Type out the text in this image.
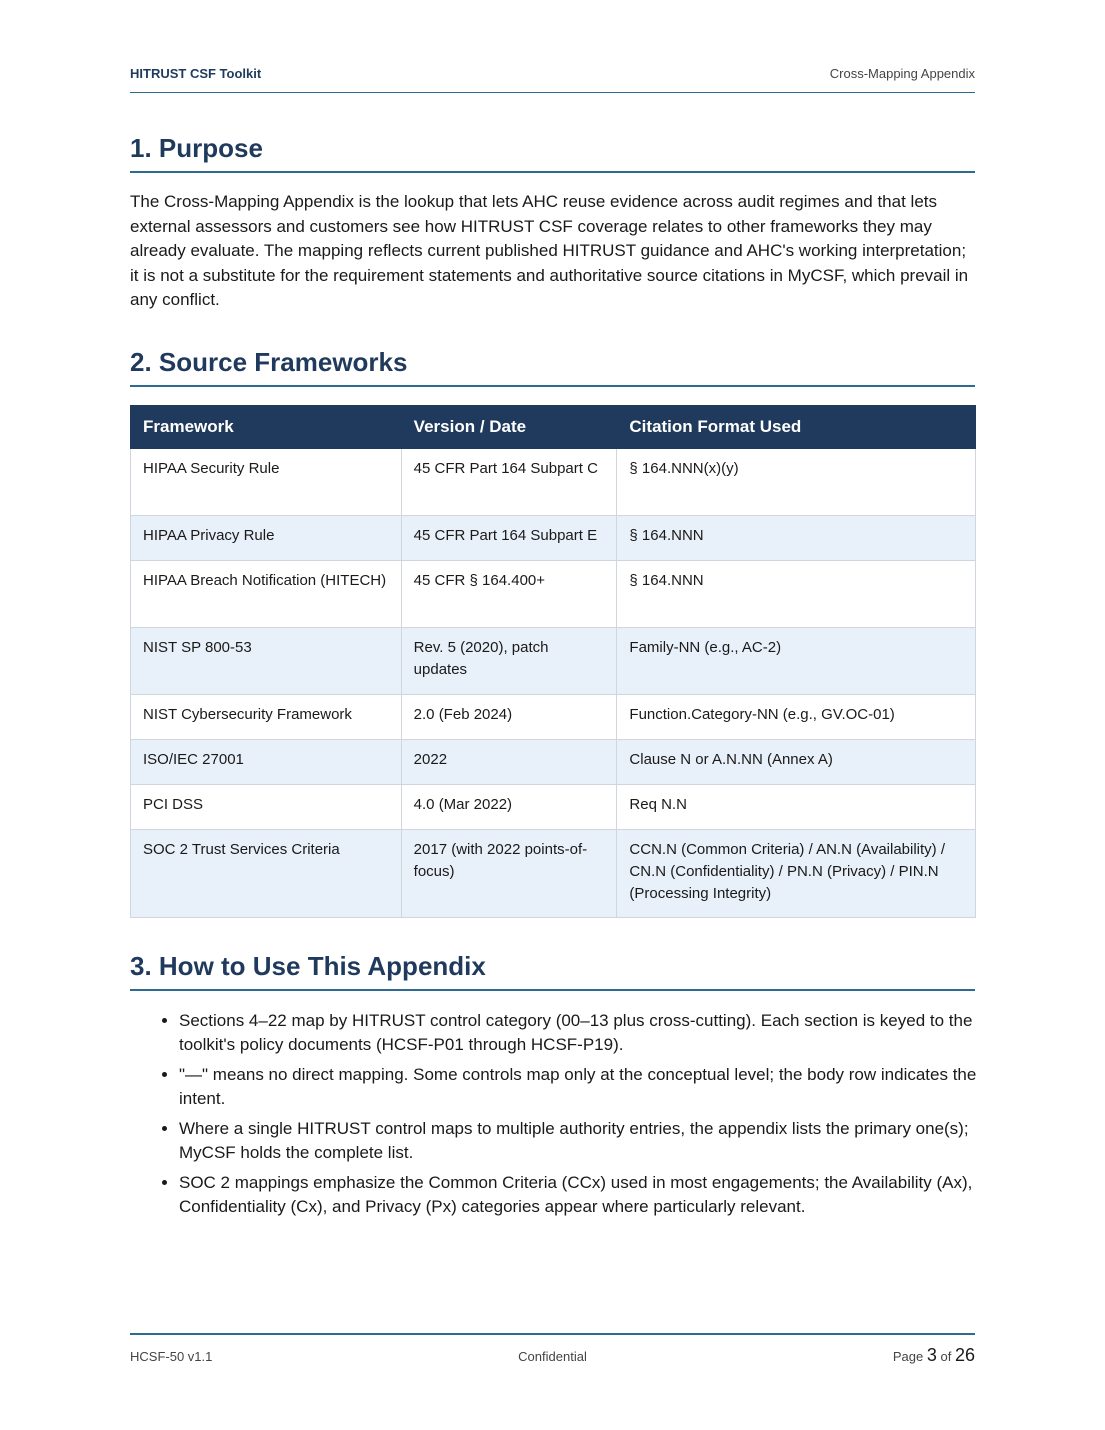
HITRUST CSF Toolkit	Cross-Mapping Appendix
1. Purpose

The Cross-Mapping Appendix is the lookup that lets AHC reuse evidence across audit regimes and that lets external assessors and customers see how HITRUST CSF coverage relates to other frameworks they may already evaluate. The mapping reflects current published HITRUST guidance and AHC's working interpretation; it is not a substitute for the requirement statements and authoritative source citations in MyCSF, which prevail in any conflict.

2. Source Frameworks
Framework	Version / Date	Citation Format Used
HIPAA Security Rule	45 CFR Part 164 Subpart C	§ 164.NNN(x)(y)
HIPAA Privacy Rule	45 CFR Part 164 Subpart E	§ 164.NNN
HIPAA Breach Notification (HITECH)	45 CFR § 164.400+	§ 164.NNN
NIST SP 800-53	Rev. 5 (2020), patch updates	Family-NN (e.g., AC-2)
NIST Cybersecurity Framework	2.0 (Feb 2024)	Function.Category-NN (e.g., GV.OC-01)
ISO/IEC 27001	2022	Clause N or A.N.NN (Annex A)
PCI DSS	4.0 (Mar 2022)	Req N.N
SOC 2 Trust Services Criteria	2017 (with 2022 points-of-focus)	CCN.N (Common Criteria) / AN.N (Availability) / CN.N (Confidentiality) / PN.N (Privacy) / PIN.N (Processing Integrity)
3. How to Use This Appendix
• Sections 4–22 map by HITRUST control category (00–13 plus cross-cutting). Each section is keyed to the toolkit's policy documents (HCSF-P01 through HCSF-P19).
• "—" means no direct mapping. Some controls map only at the conceptual level; the body row indicates the intent.
• Where a single HITRUST control maps to multiple authority entries, the appendix lists the primary one(s); MyCSF holds the complete list.
• SOC 2 mappings emphasize the Common Criteria (CCx) used in most engagements; the Availability (Ax), Confidentiality (Cx), and Privacy (Px) categories appear where particularly relevant.
HCSF-50 v1.1	Confidential	Page 3 of 26
